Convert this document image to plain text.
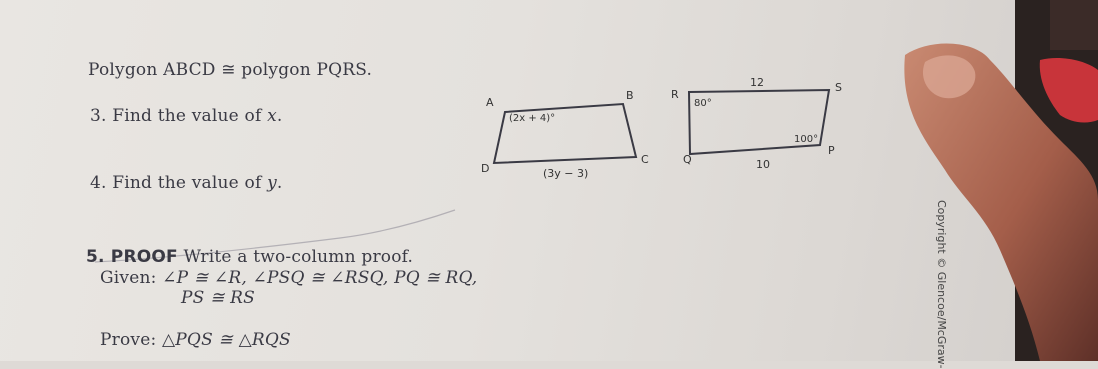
Polygon ABCD ≅ polygon PQRS.
3. Find the value of x.
4. Find the value of y.
A
B
C
D
(2x + 4)°
(3y − 3)
R
S
P
Q
12
10
80°
100°
5. PROOF Write a two-column proof.
Given: ∠P ≅ ∠R, ∠PSQ ≅ ∠RSQ, PQ ≅ RQ,
PS ≅ RS
Prove: △PQS ≅ △RQS	Copyright © Glencoe/McGraw-
